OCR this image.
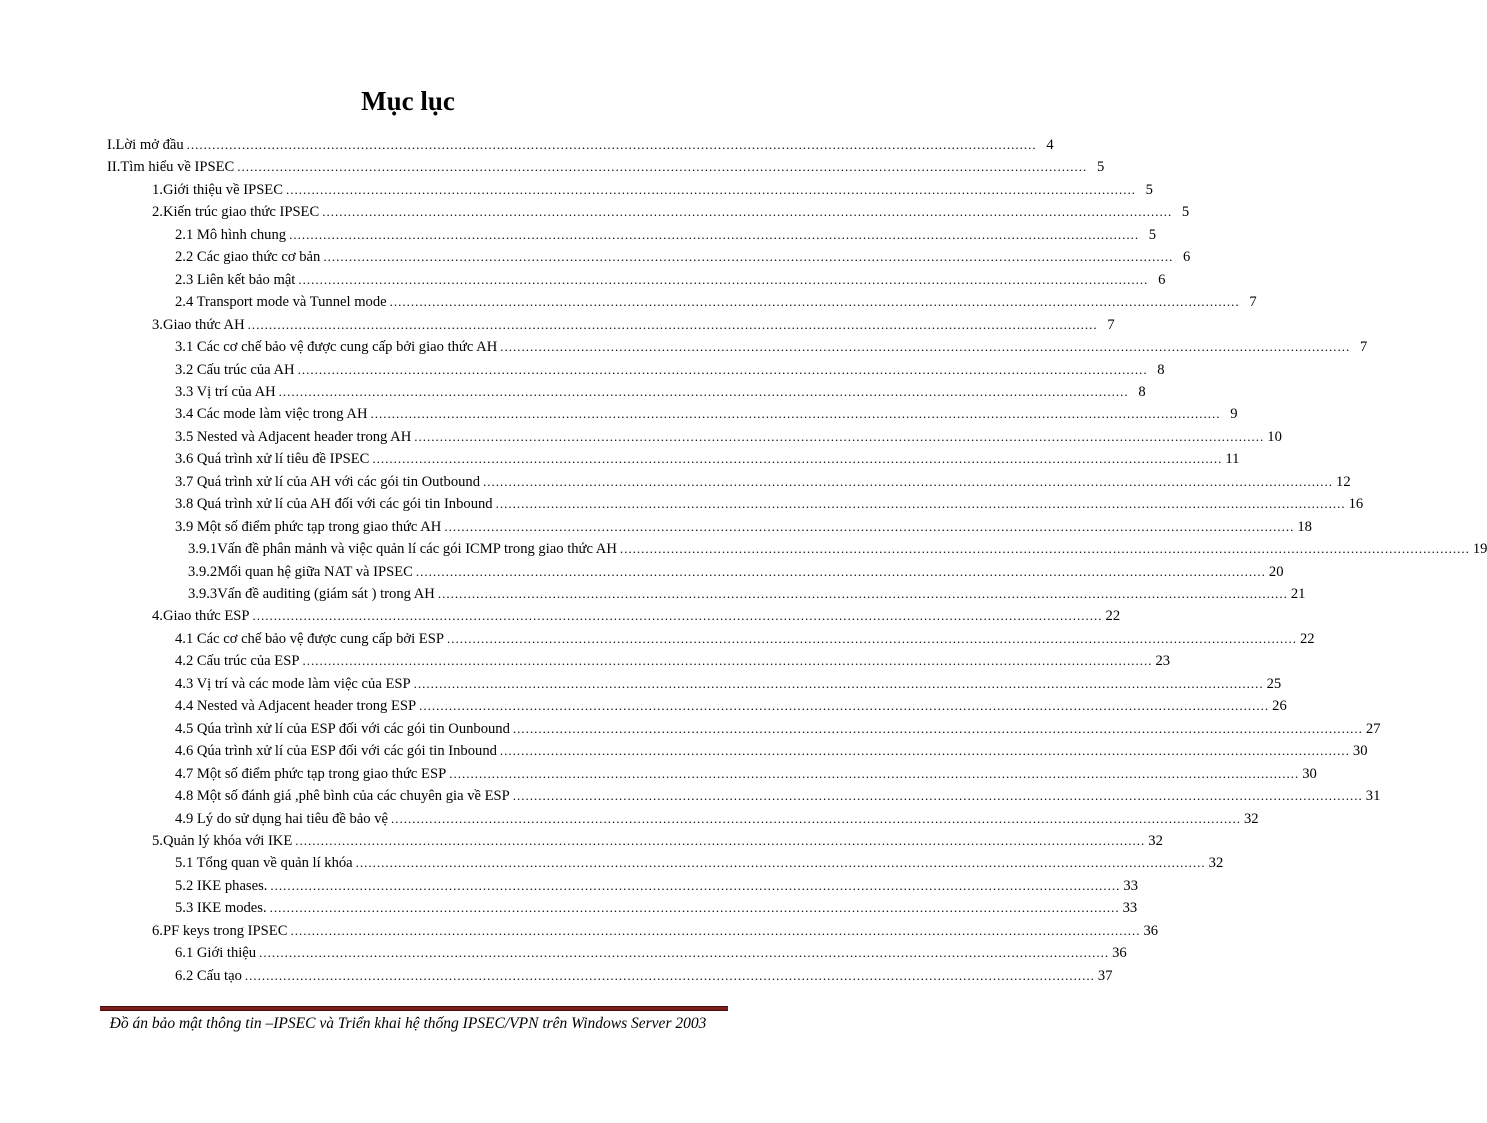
Mục lục
I. Lời mở đầu ........................................................................................................................................................................................................ 4
II. Tìm hiểu về IPSEC ........................................................................................................................................................................................................ 5
1. Giới thiệu về IPSEC ........................................................................................................................................................................................................ 5
2. Kiến trúc giao thức IPSEC ........................................................................................................................................................................................................ 5
2.1 Mô hình chung ........................................................................................................................................................................................................ 5
2.2 Các giao thức cơ bản ........................................................................................................................................................................................................ 6
2.3 Liên kết bảo mật ........................................................................................................................................................................................................ 6
2.4 Transport mode và Tunnel mode ........................................................................................................................................................................................................ 7
3. Giao thức AH ........................................................................................................................................................................................................ 7
3.1 Các cơ chế bảo vệ được cung cấp bởi giao thức AH ........................................................................................................................................................................................................ 7
3.2 Cấu trúc của AH ........................................................................................................................................................................................................ 8
3.3 Vị trí của AH ........................................................................................................................................................................................................ 8
3.4 Các mode làm việc trong AH ........................................................................................................................................................................................................ 9
3.5 Nested và Adjacent header trong AH ........................................................................................................................................................................................................ 10
3.6 Quá trình xử lí tiêu đề IPSEC ........................................................................................................................................................................................................ 11
3.7 Quá trình xử lí của AH với các gói tin Outbound ........................................................................................................................................................................................................ 12
3.8 Quá trình xử lí của AH đối với các gói tin Inbound ........................................................................................................................................................................................................ 16
3.9 Một số điểm phức tạp trong giao thức AH ........................................................................................................................................................................................................ 18
3.9.1 Vấn đề phân mảnh và việc quản lí các gói ICMP trong giao thức AH ........................................................................................................................................................................................................ 19
3.9.2 Mối quan hệ giữa NAT và IPSEC ........................................................................................................................................................................................................ 20
3.9.3 Vấn đề auditing (giám sát ) trong AH ........................................................................................................................................................................................................ 21
4. Giao thức ESP ........................................................................................................................................................................................................ 22
4.1 Các cơ chế bảo vệ được cung cấp bởi ESP ........................................................................................................................................................................................................ 22
4.2 Cấu trúc của ESP ........................................................................................................................................................................................................ 23
4.3 Vị trí và các mode làm việc của ESP ........................................................................................................................................................................................................ 25
4.4 Nested và Adjacent header trong ESP ........................................................................................................................................................................................................ 26
4.5 Qúa trình xử lí của ESP đối với các gói tin Ounbound ........................................................................................................................................................................................................ 27
4.6 Qúa trình xử lí của ESP đối với các gói tin Inbound ........................................................................................................................................................................................................ 30
4.7 Một số điểm phức tạp trong giao thức ESP ........................................................................................................................................................................................................ 30
4.8 Một số đánh giá ,phê bình của các chuyên gia về ESP ........................................................................................................................................................................................................ 31
4.9 Lý do sử dụng hai tiêu đề bảo vệ ........................................................................................................................................................................................................ 32
5. Quản lý khóa với IKE ........................................................................................................................................................................................................ 32
5.1 Tổng quan về quản lí khóa ........................................................................................................................................................................................................ 32
5.2 IKE phases. ........................................................................................................................................................................................................ 33
5.3 IKE modes. ........................................................................................................................................................................................................ 33
6. PF keys trong IPSEC ........................................................................................................................................................................................................ 36
6.1 Giới thiệu ........................................................................................................................................................................................................ 36
6.2 Cấu tạo ........................................................................................................................................................................................................ 37
Đồ án bảo mật thông tin –IPSEC và Triển khai hệ thống IPSEC/VPN trên Windows Server 2003
